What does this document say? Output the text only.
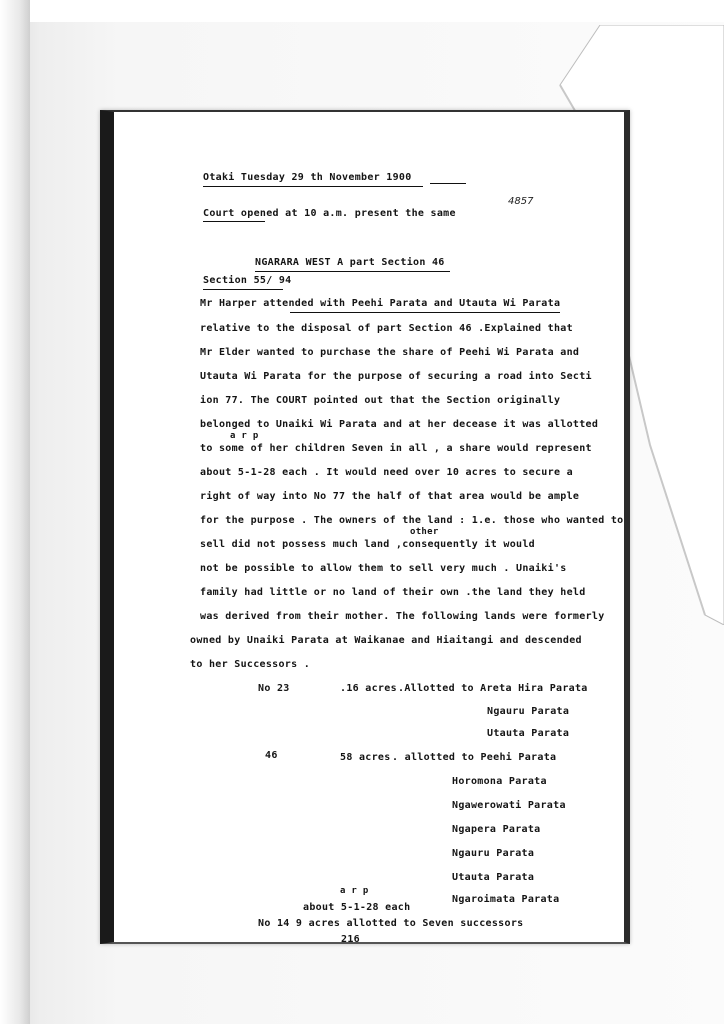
Otaki Tuesday 29 th November 1900
4857
Court opened at 10 a.m. present the same
NGARARA WEST A part Section 46
Section 55/ 94
Mr Harper attended with Peehi Parata and Utauta Wi Parata
relative to the disposal of part Section 46 .Explained that
Mr Elder wanted to purchase the share of Peehi Wi Parata and
Utauta Wi Parata for the purpose of securing a road into Secti
ion 77. The COURT pointed out that the Section originally
belonged to Unaiki Wi Parata and at her decease it was allotted
to some of her children Seven in all , a share would represent
a r p
about 5-1-28 each . It would need over 10 acres to secure a
right of way into No 77 the half of that area would be ample
for the purpose . The owners of the land : 1.e. those who wanted to
other
sell did not possess much land ,consequently it would
not be possible to allow them to sell very much . Unaiki's
family had little or no land of their own .the land they held
was derived from their mother. The following lands were formerly
owned by Unaiki Parata at Waikanae and Hiaitangi and descended
to her Successors .
No 23	.16 acres .Allotted to Areta Hira Parata
Ngauru Parata
Utauta Parata
46	58 acres . allotted to Peehi Parata
Horomona Parata
Ngawerowati Parata
Ngapera Parata
Ngauru Parata
Utauta Parata
Ngaroimata Parata
a r p
about 5-1-28 each
No 14 9 acres allotted to Seven successors
216
